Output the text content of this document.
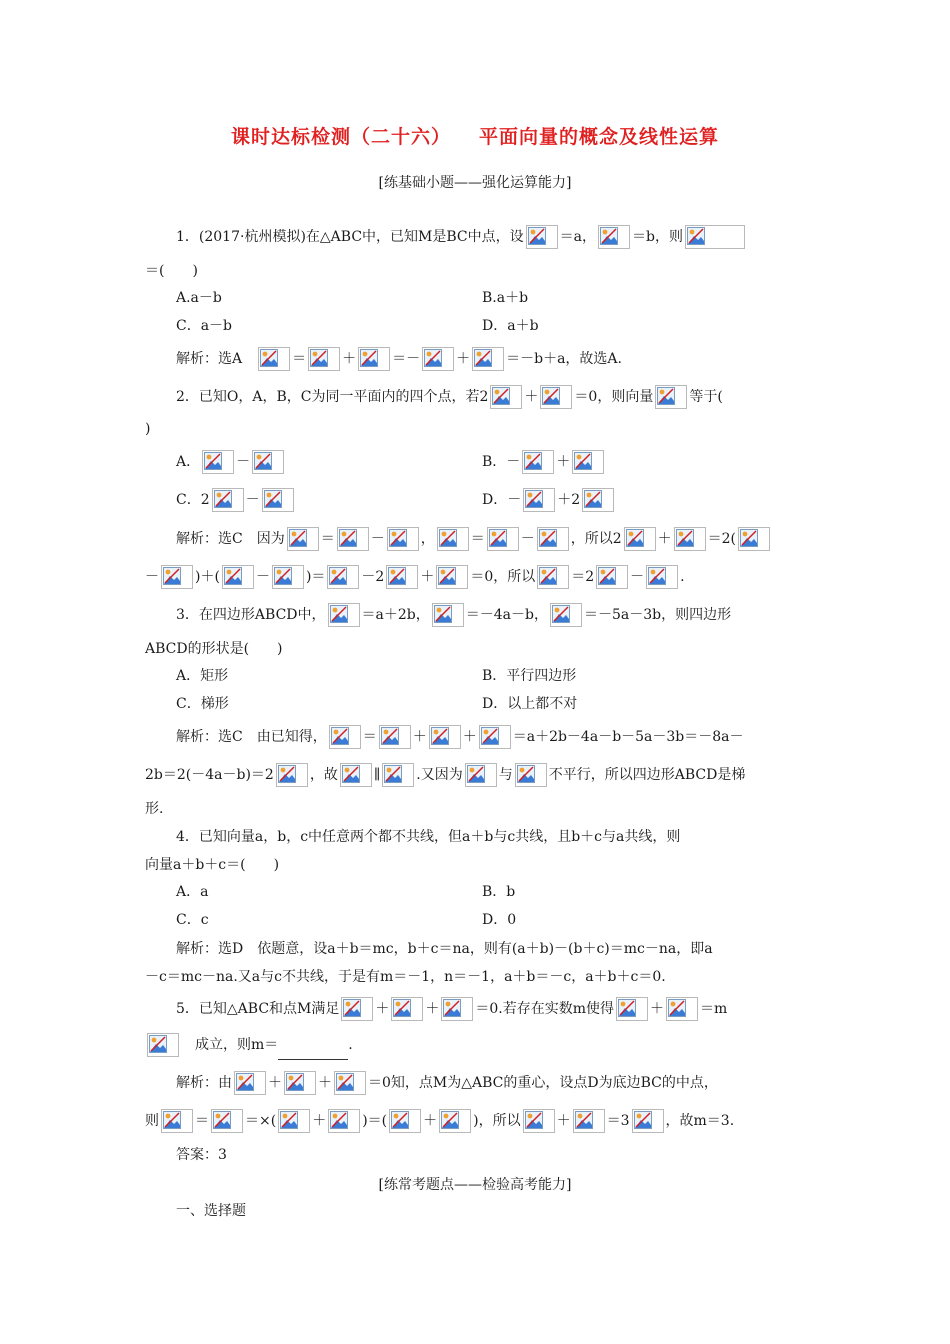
课时达标检测（二十六） 平面向量的概念及线性运算
[练基础小题——强化运算能力]
1．(2017·杭州模拟)在△ABC中，已知M是BC中点，设	＝a，	＝b，则
＝(　　)
A.a－b	B.a＋b
C．a－b	D．a＋b
解析：选A 	＝	＋	＝－	＋	＝－b＋a，故选A.
2．已知O，A，B，C为同一平面内的四个点，若2	＋	＝0，则向量	等于(
)
A．	－	B．－	＋
C．2	－	D．－	＋2
解析：选C　因为	＝	－	，	＝	－	，所以2	＋	＝2(
－	)＋(	－	)＝	－2	＋	＝0，所以	＝2	－	.
3．在四边形ABCD中，	＝a＋2b，	＝－4a－b，	＝－5a－3b，则四边形
ABCD的形状是(　　)
A．矩形	B．平行四边形
C．梯形	D．以上都不对
解析：选C　由已知得，	＝	＋	＋	＝a＋2b－4a－b－5a－3b＝－8a－
2b＝2(－4a－b)＝2	，故	∥	.又因为	与	不平行，所以四边形ABCD是梯
形.
4．已知向量a，b，c中任意两个都不共线，但a＋b与c共线，且b＋c与a共线，则
向量a＋b＋c＝(　　)
A．a	B．b
C．c	D．0
解析：选D　依题意，设a＋b＝mc，b＋c＝na，则有(a＋b)－(b＋c)＝mc－na，即a
－c＝mc－na.又a与c不共线，于是有m＝－1，n＝－1，a＋b＝－c，a＋b＋c＝0.
5．已知△ABC和点M满足	＋	＋	＝0.若存在实数m使得	＋	＝m
 成立，则m＝	.
解析：由	＋	＋	＝0知，点M为△ABC的重心，设点D为底边BC的中点，
则	＝	＝×(	＋	)＝(	＋	)，所以	＋	＝3	，故m＝3.
答案：3
[练常考题点——检验高考能力]
一、选择题
